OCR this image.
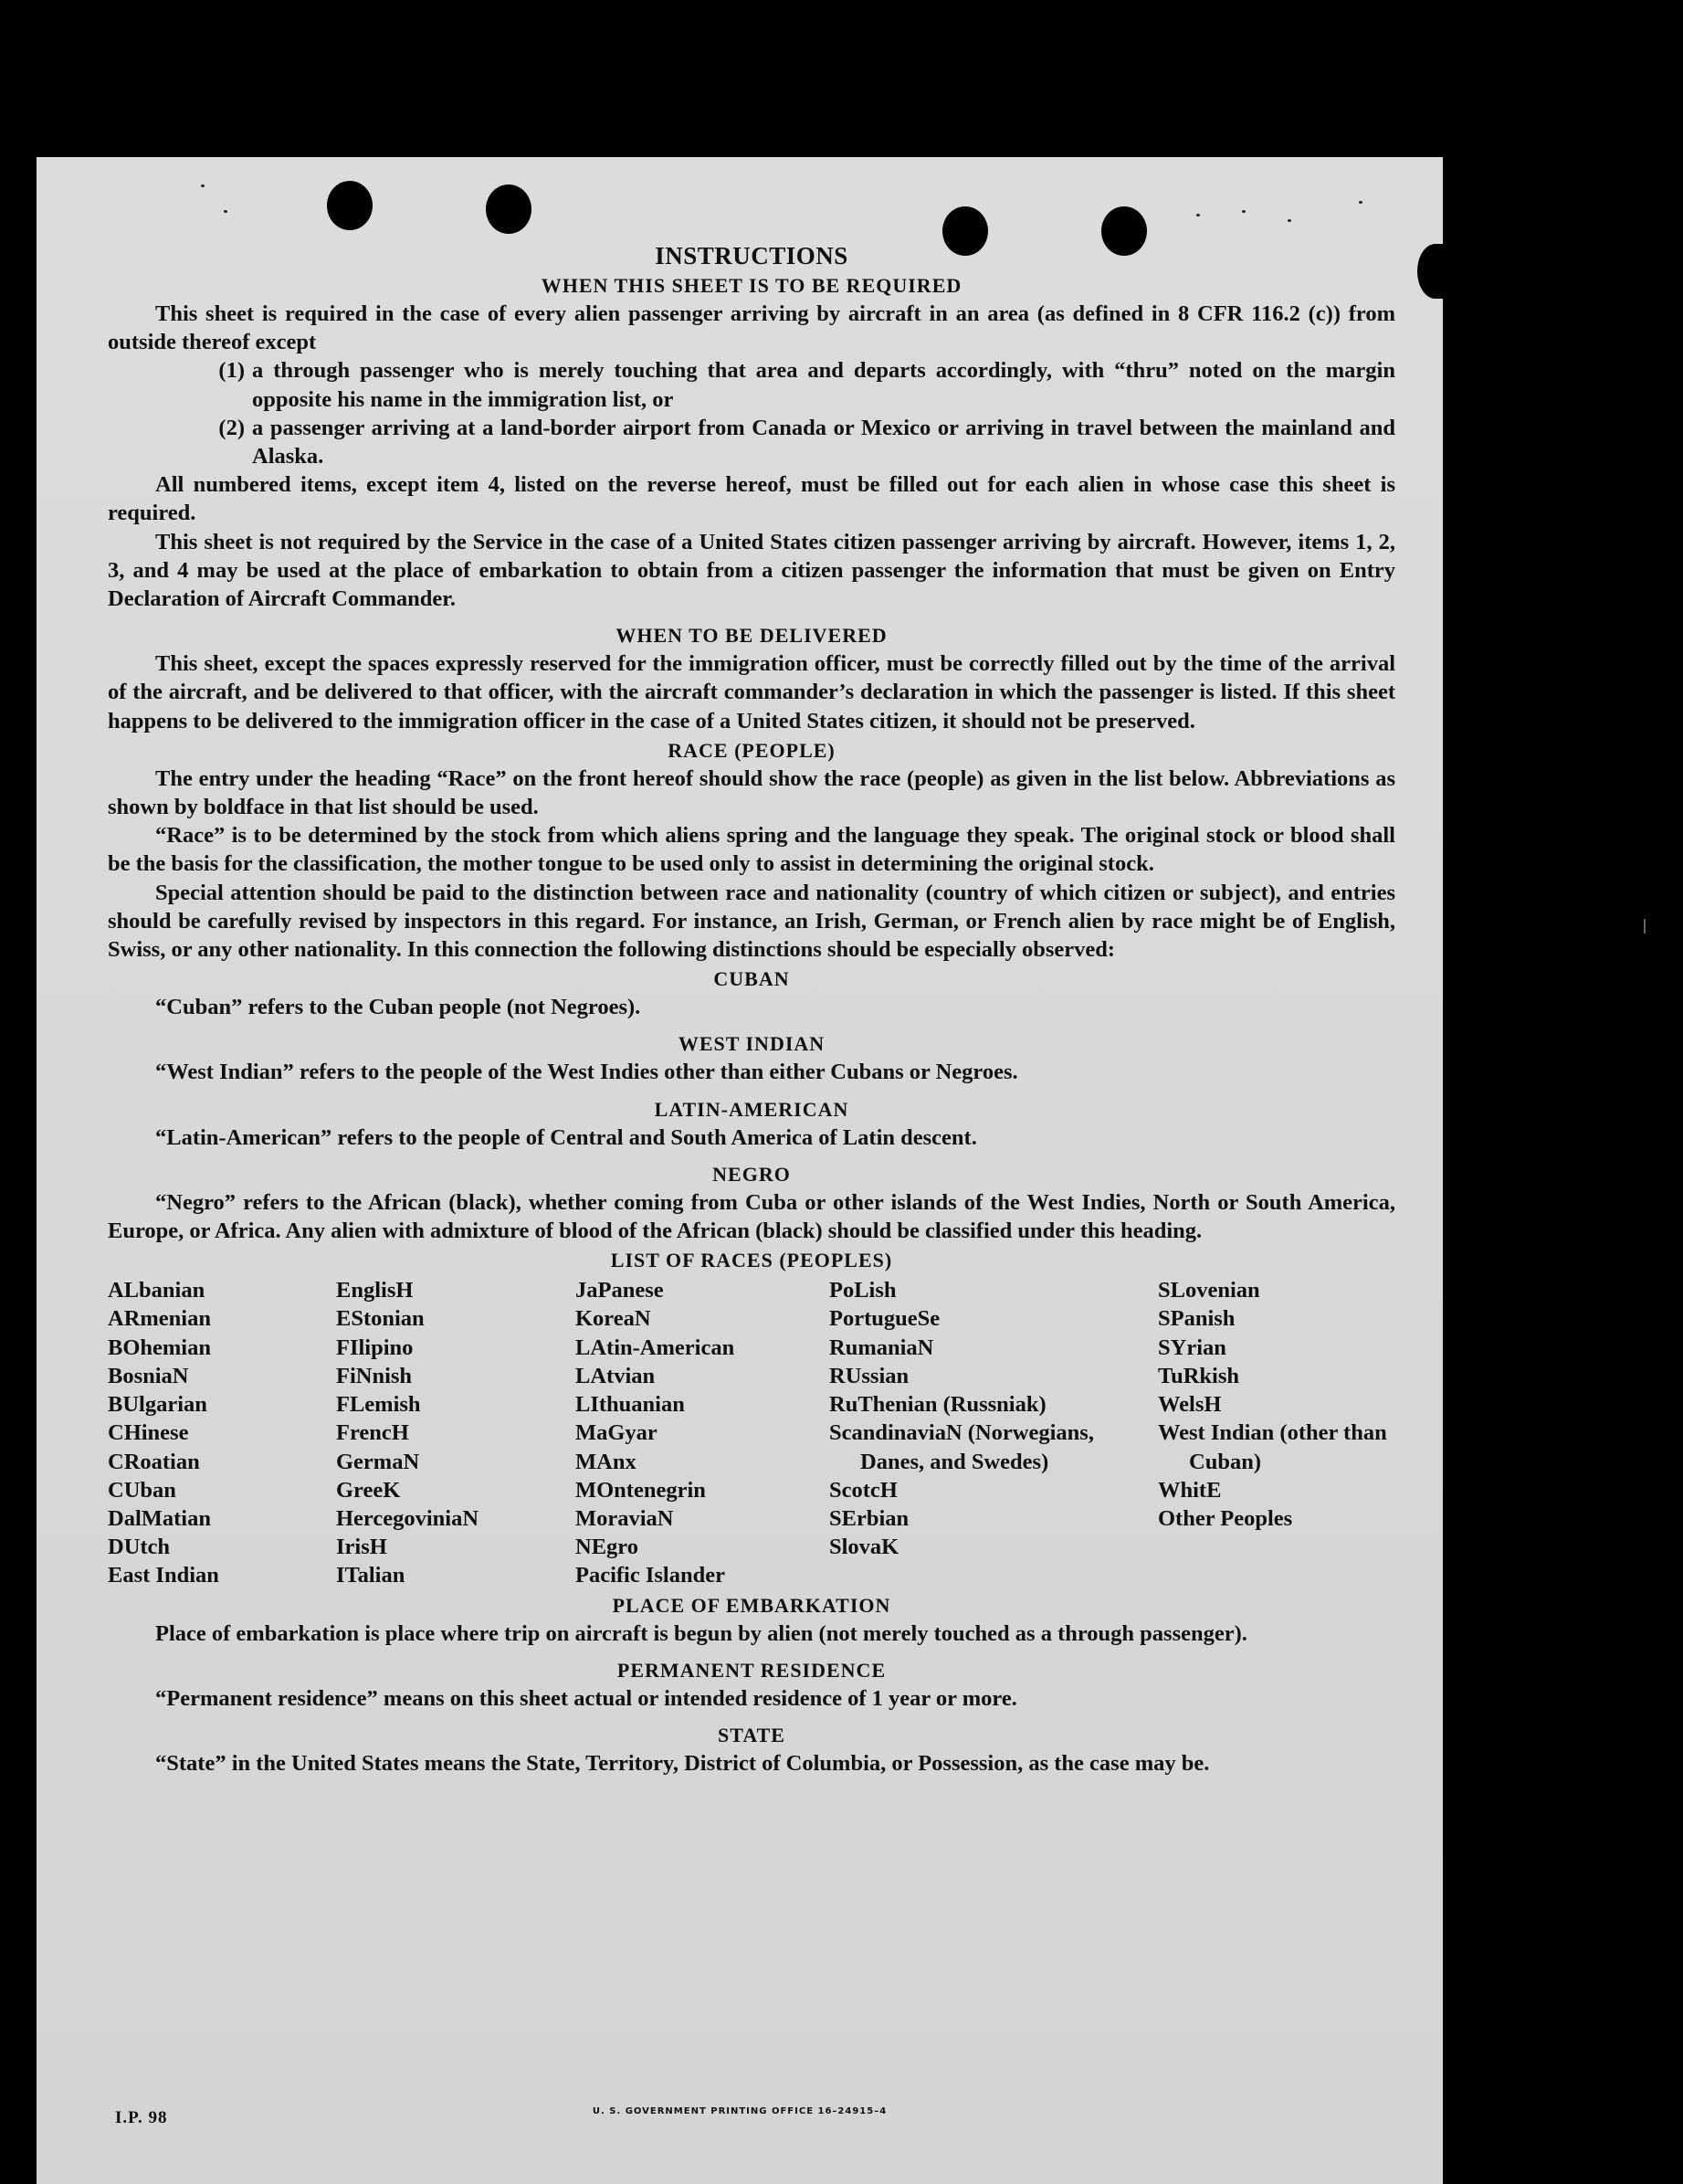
INSTRUCTIONS
WHEN THIS SHEET IS TO BE REQUIRED

This sheet is required in the case of every alien passenger arriving by aircraft in an area (as defined in 8 CFR 116.2 (c)) from outside thereof except

(1) a through passenger who is merely touching that area and departs accordingly, with “thru” noted on the margin opposite his name in the immigration list, or
(2) a passenger arriving at a land-border airport from Canada or Mexico or arriving in travel between the mainland and Alaska.

All numbered items, except item 4, listed on the reverse hereof, must be filled out for each alien in whose case this sheet is required.

This sheet is not required by the Service in the case of a United States citizen passenger arriving by aircraft. However, items 1, 2, 3, and 4 may be used at the place of embarkation to obtain from a citizen passenger the information that must be given on Entry Declaration of Aircraft Commander.

WHEN TO BE DELIVERED

This sheet, except the spaces expressly reserved for the immigration officer, must be correctly filled out by the time of the arrival of the aircraft, and be delivered to that officer, with the aircraft commander’s declaration in which the passenger is listed. If this sheet happens to be delivered to the immigration officer in the case of a United States citizen, it should not be preserved.

RACE (PEOPLE)

The entry under the heading “Race” on the front hereof should show the race (people) as given in the list below. Abbreviations as shown by boldface in that list should be used.

“Race” is to be determined by the stock from which aliens spring and the language they speak. The original stock or blood shall be the basis for the classification, the mother tongue to be used only to assist in determining the original stock.

Special attention should be paid to the distinction between race and nationality (country of which citizen or subject), and entries should be carefully revised by inspectors in this regard. For instance, an Irish, German, or French alien by race might be of English, Swiss, or any other nationality. In this connection the following distinctions should be especially observed:

CUBAN

“Cuban” refers to the Cuban people (not Negroes).

WEST INDIAN

“West Indian” refers to the people of the West Indies other than either Cubans or Negroes.

LATIN-AMERICAN

“Latin-American” refers to the people of Central and South America of Latin descent.

NEGRO

“Negro” refers to the African (black), whether coming from Cuba or other islands of the West Indies, North or South America, Europe, or Africa. Any alien with admixture of blood of the African (black) should be classified under this heading.

LIST OF RACES (PEOPLES)
ALbanian
ARmenian
BOhemian
BosniaN
BUlgarian
CHinese
CRoatian
CUban
DalMatian
DUtch
East Indian
EnglisH
EStonian
FIlipino
FiNnish
FLemish
FrencH
GermaN
GreeK
HercegoviniaN
IrisH
ITalian
JaPanese
KoreaN
LAtin-American
LAtvian
LIthuanian
MaGyar
MAnx
MOntenegrin
MoraviaN
NEgro
Pacific Islander
PoLish
PortugueSe
RumaniaN
RUssian
RuThenian (Russniak)
ScandinaviaN (Norwegians, Danes, and Swedes)
ScotcH
SErbian
SlovaK
SLovenian
SPanish
SYrian
TuRkish
WelsH
West Indian (other than Cuban)
WhitE
Other Peoples
PLACE OF EMBARKATION

Place of embarkation is place where trip on aircraft is begun by alien (not merely touched as a through passenger).

PERMANENT RESIDENCE

“Permanent residence” means on this sheet actual or intended residence of 1 year or more.

STATE

“State” in the United States means the State, Territory, District of Columbia, or Possession, as the case may be.

U. S. GOVERNMENT PRINTING OFFICE 16–24915–4
I.P. 98
